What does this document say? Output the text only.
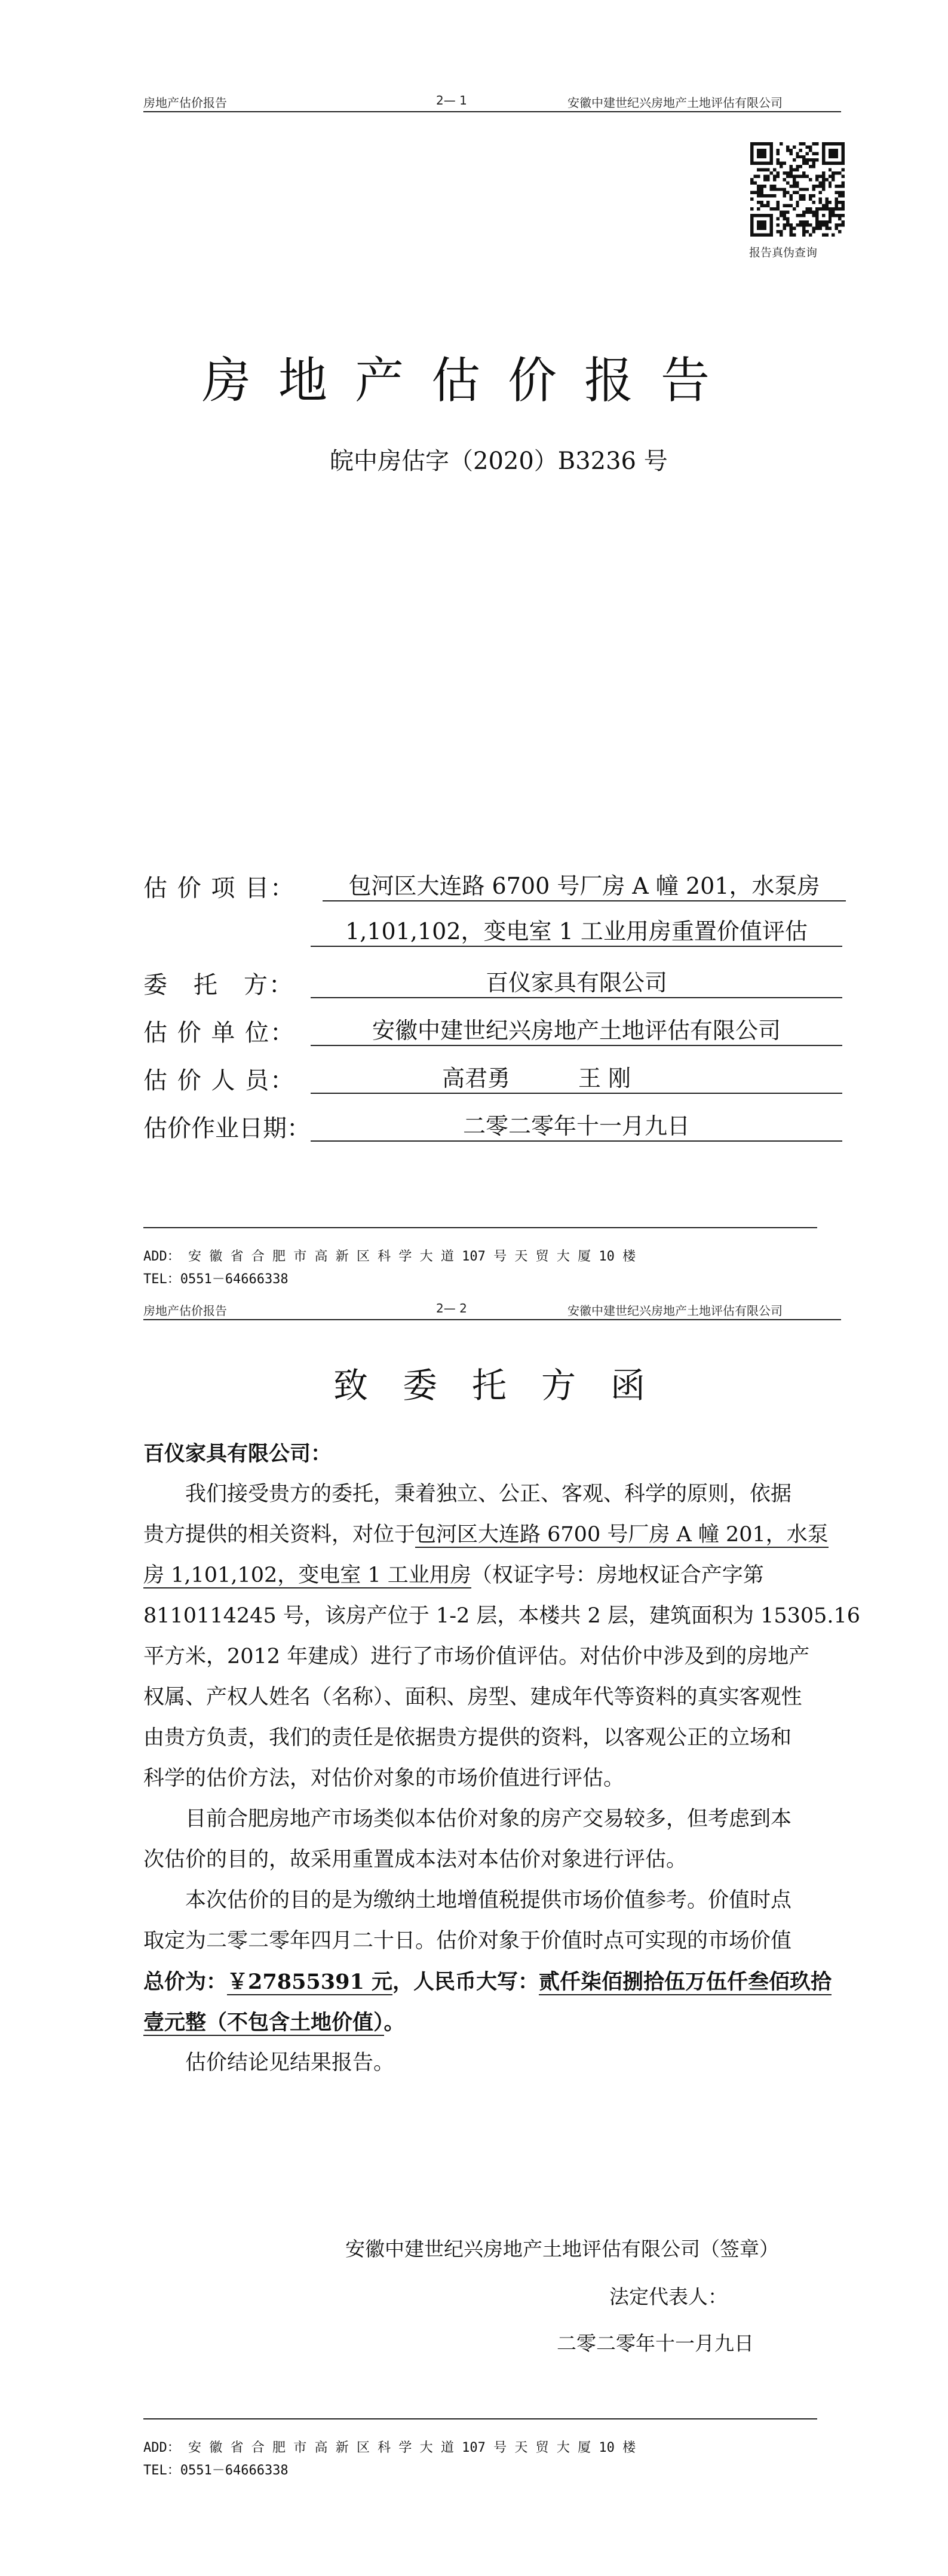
房地产估价报告	2— 1	安徽中建世纪兴房地产土地评估有限公司
报告真伪查询
房地产估价报告
皖中房估字（2020）B3236 号
估 价 项 目：	包河区大连路 6700 号厂房 A 幢 201，水泵房
1,101,102，变电室 1 工业用房重置价值评估
委　托　方：	百仪家具有限公司
估 价 单 位：	安徽中建世纪兴房地产土地评估有限公司
估 价 人 员：	高君勇　　　王 刚
估价作业日期：	二零二零年十一月九日
ADD： 安 徽 省 合 肥 市 高 新 区 科 学 大 道 107 号 天 贸 大 厦 10 楼
TEL：0551－64666338
房地产估价报告	2— 2	安徽中建世纪兴房地产土地评估有限公司
致委托方函
百仪家具有限公司：
我们接受贵方的委托，秉着独立、公正、客观、科学的原则，依据
贵方提供的相关资料，对位于包河区大连路 6700 号厂房 A 幢 201，水泵
房 1,101,102，变电室 1 工业用房（权证字号：房地权证合产字第
8110114245 号，该房产位于 1-2 层，本楼共 2 层，建筑面积为 15305.16
平方米，2012 年建成）进行了市场价值评估。对估价中涉及到的房地产
权属、产权人姓名（名称）、面积、房型、建成年代等资料的真实客观性
由贵方负责，我们的责任是依据贵方提供的资料，以客观公正的立场和
科学的估价方法，对估价对象的市场价值进行评估。
目前合肥房地产市场类似本估价对象的房产交易较多，但考虑到本
次估价的目的，故采用重置成本法对本估价对象进行评估。
本次估价的目的是为缴纳土地增值税提供市场价值参考。价值时点
取定为二零二零年四月二十日。估价对象于价值时点可实现的市场价值
总价为：￥27855391 元，人民币大写：贰仟柒佰捌拾伍万伍仟叁佰玖拾
壹元整（不包含土地价值）。
估价结论见结果报告。
安徽中建世纪兴房地产土地评估有限公司（签章）
法定代表人：
二零二零年十一月九日
ADD： 安 徽 省 合 肥 市 高 新 区 科 学 大 道 107 号 天 贸 大 厦 10 楼
TEL：0551－64666338
